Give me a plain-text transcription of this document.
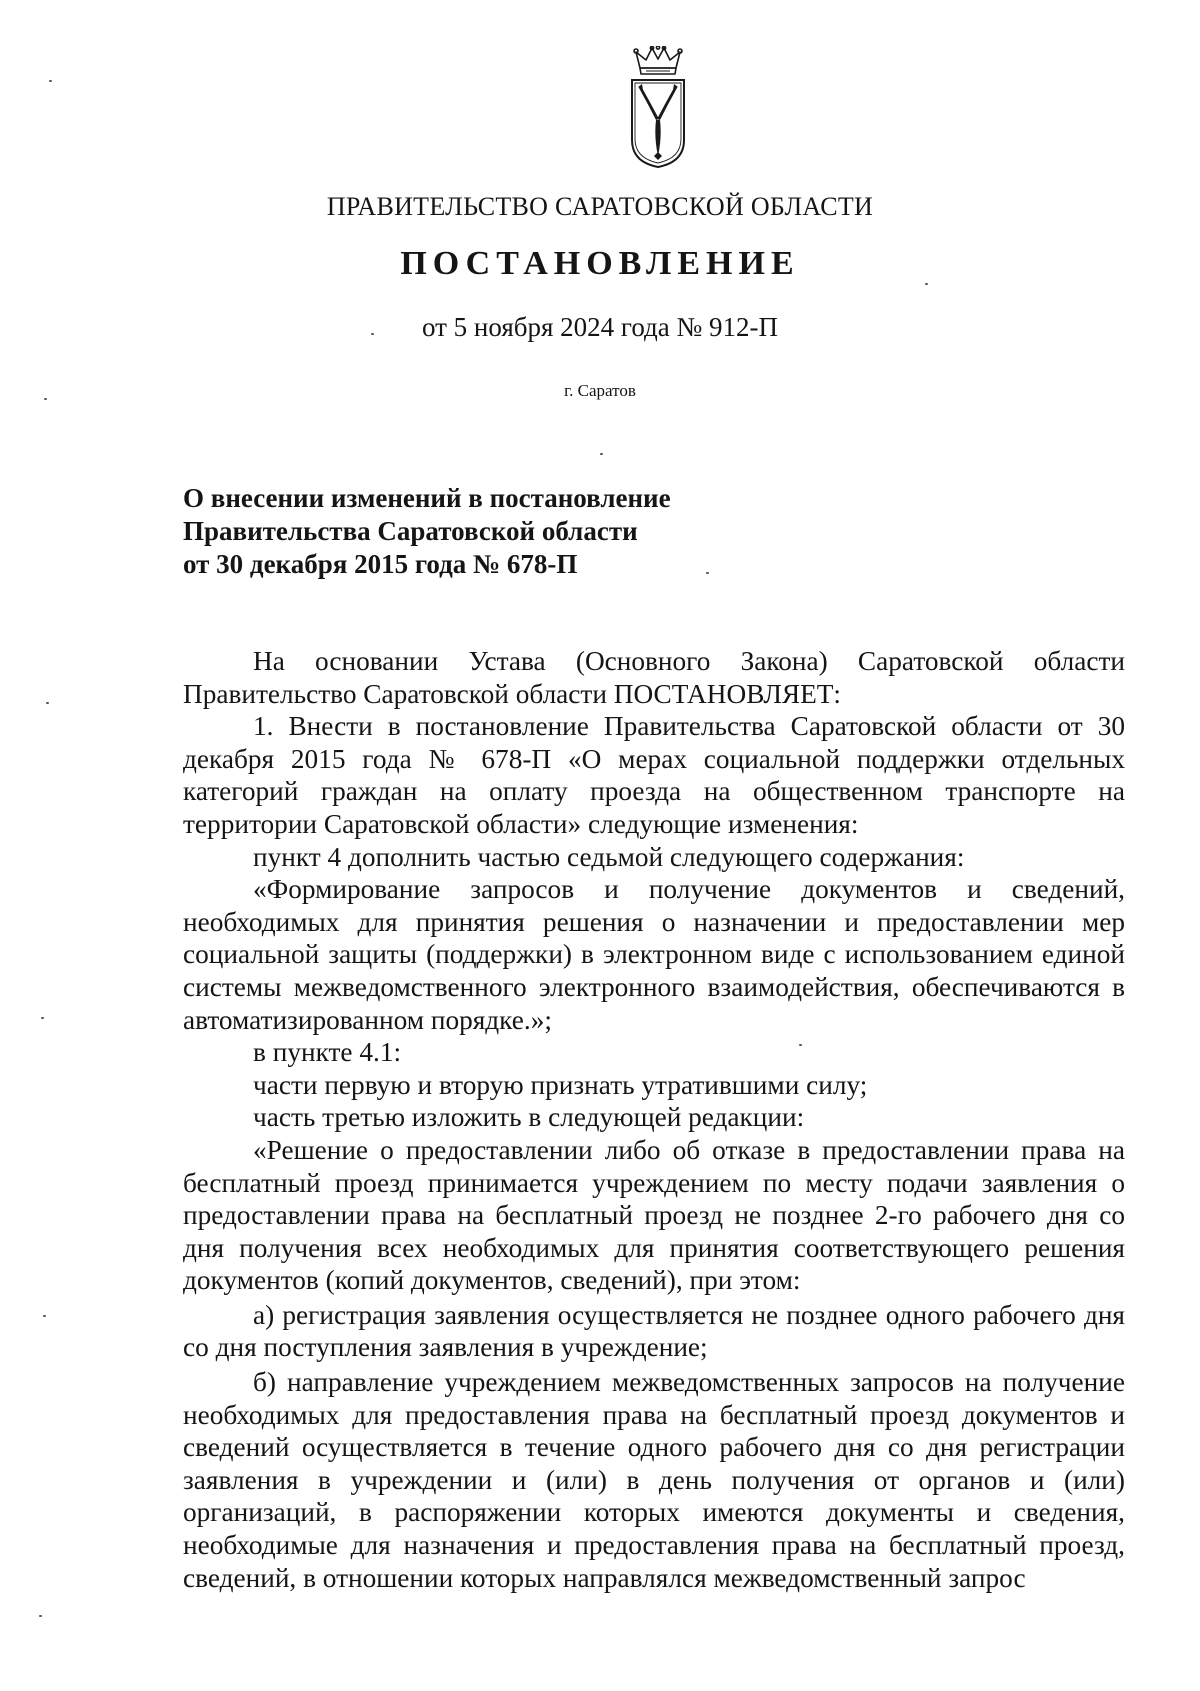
ПРАВИТЕЛЬСТВО САРАТОВСКОЙ ОБЛАСТИ
ПОСТАНОВЛЕНИЕ
от 5 ноября 2024 года № 912-П
г. Саратов
О внесении изменений в постановление
Правительства Саратовской области
от 30 декабря 2015 года № 678-П

На основании Устава (Основного Закона) Саратовской области Правительство Саратовской области ПОСТАНОВЛЯЕТ:

1. Внести в постановление Правительства Саратовской области от 30 декабря 2015 года № 678-П «О мерах социальной поддержки отдельных категорий граждан на оплату проезда на общественном транспорте на территории Саратовской области» следующие изменения:

пункт 4 дополнить частью седьмой следующего содержания:

«Формирование запросов и получение документов и сведений, необходимых для принятия решения о назначении и предоставлении мер социальной защиты (поддержки) в электронном виде с использованием единой системы межведомственного электронного взаимодействия, обеспечиваются в автоматизированном порядке.»;

в пункте 4.1:

части первую и вторую признать утратившими силу;

часть третью изложить в следующей редакции:

«Решение о предоставлении либо об отказе в предоставлении права на бесплатный проезд принимается учреждением по месту подачи заявления о предоставлении права на бесплатный проезд не позднее 2-го рабочего дня со дня получения всех необходимых для принятия соответствующего решения документов (копий документов, сведений), при этом:

а) регистрация заявления осуществляется не позднее одного рабочего дня со дня поступления заявления в учреждение;

б) направление учреждением межведомственных запросов на получение необходимых для предоставления права на бесплатный проезд документов и сведений осуществляется в течение одного рабочего дня со дня регистрации заявления в учреждении и (или) в день получения от органов и (или) организаций, в распоряжении которых имеются документы и сведения, необходимые для назначения и предоставления права на бесплатный проезд, сведений, в отношении которых направлялся межведомственный запрос
